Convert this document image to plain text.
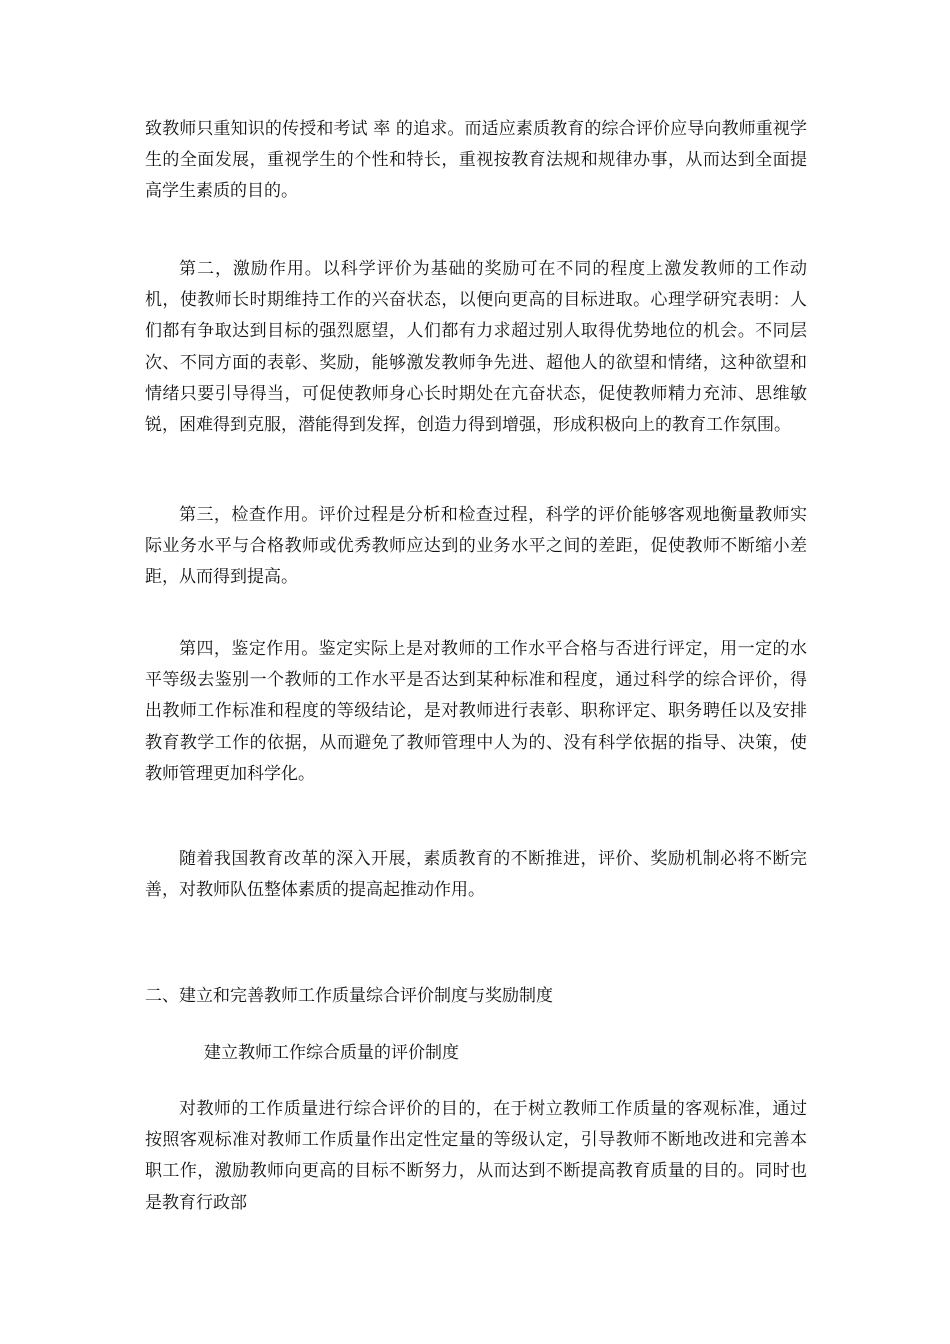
致教师只重知识的传授和考试 率 的追求。而适应素质教育的综合评价应导向教师重视学生的全面发展，重视学生的个性和特长，重视按教育法规和规律办事，从而达到全面提高学生素质的目的。
第二，激励作用。以科学评价为基础的奖励可在不同的程度上激发教师的工作动机，使教师长时期维持工作的兴奋状态，以便向更高的目标进取。心理学研究表明：人们都有争取达到目标的强烈愿望，人们都有力求超过别人取得优势地位的机会。不同层次、不同方面的表彰、奖励，能够激发教师争先进、超他人的欲望和情绪，这种欲望和情绪只要引导得当，可促使教师身心长时期处在亢奋状态，促使教师精力充沛、思维敏锐，困难得到克服，潜能得到发挥，创造力得到增强，形成积极向上的教育工作氛围。
第三，检查作用。评价过程是分析和检查过程，科学的评价能够客观地衡量教师实际业务水平与合格教师或优秀教师应达到的业务水平之间的差距，促使教师不断缩小差距，从而得到提高。
第四，鉴定作用。鉴定实际上是对教师的工作水平合格与否进行评定，用一定的水平等级去鉴别一个教师的工作水平是否达到某种标准和程度，通过科学的综合评价，得出教师工作标准和程度的等级结论，是对教师进行表彰、职称评定、职务聘任以及安排教育教学工作的依据，从而避免了教师管理中人为的、没有科学依据的指导、决策，使教师管理更加科学化。
随着我国教育改革的深入开展，素质教育的不断推进，评价、奖励机制必将不断完善，对教师队伍整体素质的提高起推动作用。
二、建立和完善教师工作质量综合评价制度与奖励制度
建立教师工作综合质量的评价制度
对教师的工作质量进行综合评价的目的，在于树立教师工作质量的客观标准，通过按照客观标准对教师工作质量作出定性定量的等级认定，引导教师不断地改进和完善本职工作，激励教师向更高的目标不断努力，从而达到不断提高教育质量的目的。同时也是教育行政部
